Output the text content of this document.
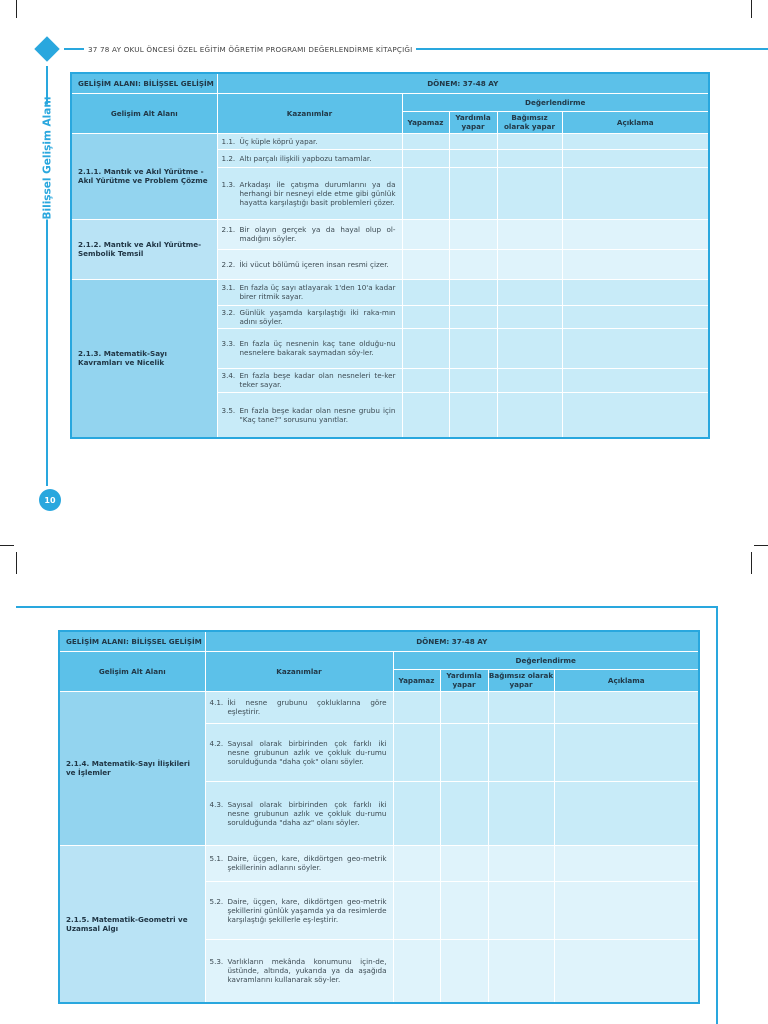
37 78 AY OKUL ÖNCESİ ÖZEL EĞİTİM ÖĞRETİM PROGRAMI DEĞERLENDİRME KİTAPÇIĞI
Bilişsel Gelişim Alanı
10
GELİŞİM ALANI: BİLİŞSEL GELİŞİM	DÖNEM: 37-48 AY				
Gelişim Alt Alanı	Kazanımlar	Değerlendirme			
		Yapamaz	Yardımla yapar	Bağımsız olarak yapar	Açıklama
2.1.1. Mantık ve Akıl Yürütme -Akıl Yürütme ve Problem Çözme	1.1. Üç küple köprü yapar.				

	1.2. Altı parçalı ilişkili yapbozu tamamlar.				

	1.3. Arkadaşı ile çatışma durumlarını ya da herhangi bir nesneyi elde etme gibi günlük hayatta karşılaştığı basit problemleri çözer.				

2.1.2. Mantık ve Akıl Yürütme- Sembolik Temsil	2.1. Bir olayın gerçek ya da hayal olup ol-madığını söyler.				

	2.2. İki vücut bölümü içeren insan resmi çizer.				

2.1.3. Matematik-Sayı Kavramları ve Nicelik	3.1. En fazla üç sayı atlayarak 1'den 10'a kadar birer ritmik sayar.				

	3.2. Günlük yaşamda karşılaştığı iki raka-mın adını söyler.				

	3.3. En fazla üç nesnenin kaç tane olduğu-nu nesnelere bakarak saymadan söy-ler.				

	3.4. En fazla beşe kadar olan nesneleri te-ker teker sayar.				

	3.5. En fazla beşe kadar olan nesne grubu için "Kaç tane?" sorusunu yanıtlar.				

GELİŞİM ALANI: BİLİŞSEL GELİŞİM	DÖNEM: 37-48 AY				
Gelişim Alt Alanı	Kazanımlar	Değerlendirme			
		Yapamaz	Yardımla yapar	Bağımsız olarak yapar	Açıklama
2.1.4. Matematik-Sayı İlişkileri ve İşlemler	4.1. İki nesne grubunu çokluklarına göre eşleştirir.				

	4.2. Sayısal olarak birbirinden çok farklı iki nesne grubunun azlık ve çokluk du-rumu sorulduğunda "daha çok" olanı söyler.				

	4.3. Sayısal olarak birbirinden çok farklı iki nesne grubunun azlık ve çokluk du-rumu sorulduğunda "daha az" olanı söyler.				

2.1.5. Matematik-Geometri ve Uzamsal Algı	5.1. Daire, üçgen, kare, dikdörtgen geo-metrik şekillerinin adlarını söyler.				

	5.2. Daire, üçgen, kare, dikdörtgen geo-metrik şekillerini günlük yaşamda ya da resimlerde karşılaştığı şekillerle eş-leştirir.				

	5.3. Varlıkların mekânda konumunu için-de, üstünde, altında, yukarıda ya da aşağıda kavramlarını kullanarak söy-ler.				
